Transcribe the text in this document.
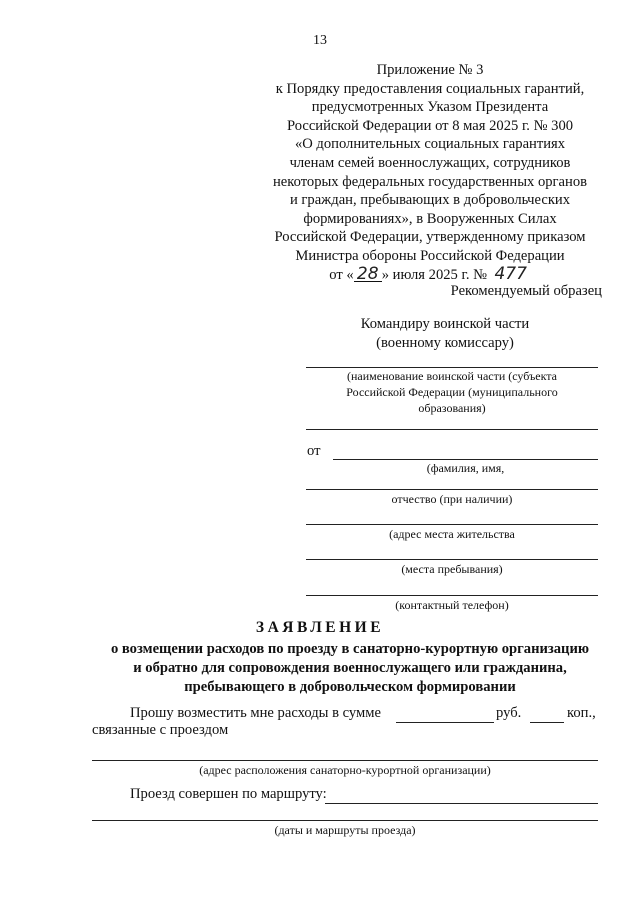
13
Приложение № 3
к Порядку предоставления социальных гарантий,
предусмотренных Указом Президента
Российской Федерации от 8 мая 2025 г. № 300
«О дополнительных социальных гарантиях
членам семей военнослужащих, сотрудников
некоторых федеральных государственных органов
и граждан, пребывающих в добровольческих
формированиях», в Вооруженных Силах
Российской Федерации, утвержденному приказом
Министра обороны Российской Федерации
от « 28 » июля 2025 г. № 477
Рекомендуемый образец
Командиру воинской части
(военному комиссару)
(наименование воинской части (субъекта
Российской Федерации (муниципального
образования)
от
(фамилия, имя,
отчество (при наличии)
(адрес места жительства
(места пребывания)
(контактный телефон)
ЗАЯВЛЕНИЕ
о возмещении расходов по проезду в санаторно-курортную организацию
и обратно для сопровождения военнослужащего или гражданина,
пребывающего в добровольческом формировании
Прошу возместить мне расходы в сумме	руб.	коп.,
связанные с проездом
(адрес расположения санаторно-курортной организации)
Проезд совершен по маршруту:
(даты и маршруты проезда)
